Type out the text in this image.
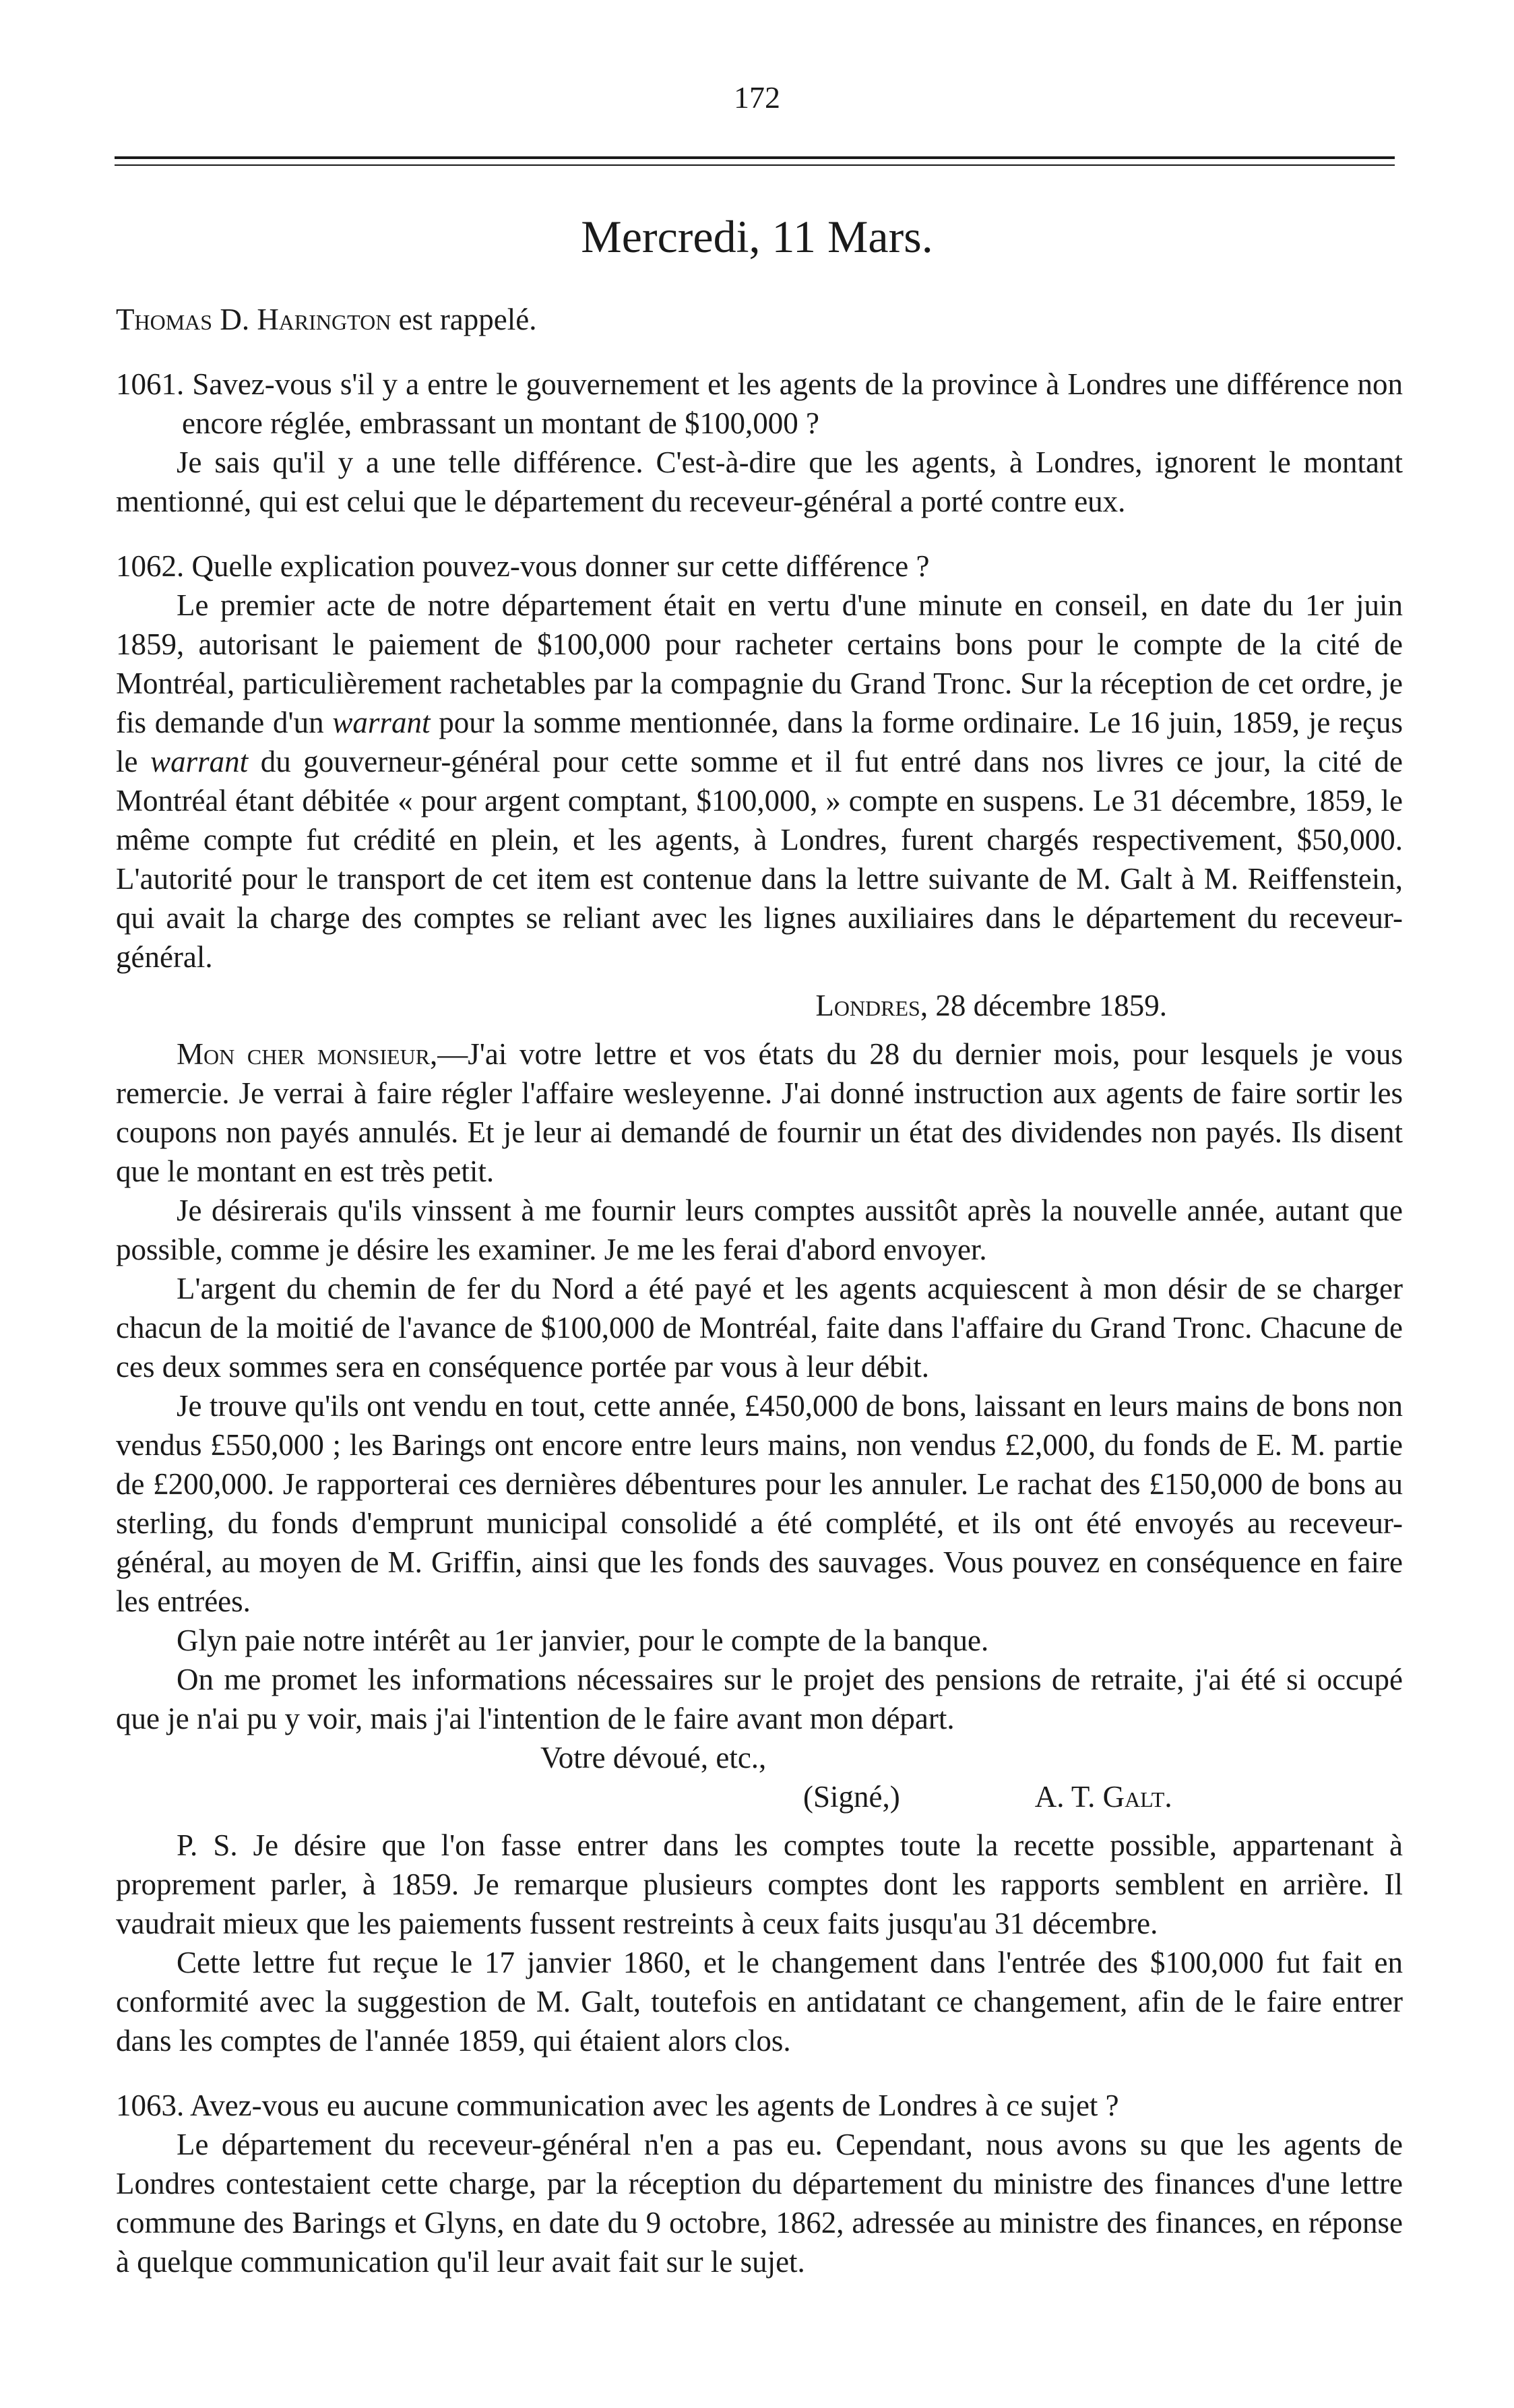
172
Mercredi, 11 Mars.

Thomas D. Harington est rappelé.

1061. Savez-vous s'il y a entre le gouvernement et les agents de la province à Londres une différence non encore réglée, embrassant un montant de $100,000 ?

Je sais qu'il y a une telle différence. C'est-à-dire que les agents, à Londres, ignorent le montant mentionné, qui est celui que le département du receveur-général a porté contre eux.

1062. Quelle explication pouvez-vous donner sur cette différence ?

Le premier acte de notre département était en vertu d'une minute en conseil, en date du 1er juin 1859, autorisant le paiement de $100,000 pour racheter certains bons pour le compte de la cité de Montréal, particulièrement rachetables par la compagnie du Grand Tronc. Sur la réception de cet ordre, je fis demande d'un warrant pour la somme mentionnée, dans la forme ordinaire. Le 16 juin, 1859, je reçus le warrant du gouverneur-général pour cette somme et il fut entré dans nos livres ce jour, la cité de Montréal étant débitée « pour argent comptant, $100,000, » compte en suspens. Le 31 décembre, 1859, le même compte fut crédité en plein, et les agents, à Londres, furent chargés respectivement, $50,000. L'autorité pour le transport de cet item est contenue dans la lettre suivante de M. Galt à M. Reiffenstein, qui avait la charge des comptes se reliant avec les lignes auxiliaires dans le département du receveur-général.

Londres, 28 décembre 1859.

Mon cher monsieur,—J'ai votre lettre et vos états du 28 du dernier mois, pour lesquels je vous remercie. Je verrai à faire régler l'affaire wesleyenne. J'ai donné instruction aux agents de faire sortir les coupons non payés annulés. Et je leur ai demandé de fournir un état des dividendes non payés. Ils disent que le montant en est très petit.

Je désirerais qu'ils vinssent à me fournir leurs comptes aussitôt après la nouvelle année, autant que possible, comme je désire les examiner. Je me les ferai d'abord envoyer.

L'argent du chemin de fer du Nord a été payé et les agents acquiescent à mon désir de se charger chacun de la moitié de l'avance de $100,000 de Montréal, faite dans l'affaire du Grand Tronc. Chacune de ces deux sommes sera en conséquence portée par vous à leur débit.

Je trouve qu'ils ont vendu en tout, cette année, £450,000 de bons, laissant en leurs mains de bons non vendus £550,000 ; les Barings ont encore entre leurs mains, non vendus £2,000, du fonds de E. M. partie de £200,000. Je rapporterai ces dernières débentures pour les annuler. Le rachat des £150,000 de bons au sterling, du fonds d'emprunt municipal consolidé a été complété, et ils ont été envoyés au receveur-général, au moyen de M. Griffin, ainsi que les fonds des sauvages. Vous pouvez en conséquence en faire les entrées.

Glyn paie notre intérêt au 1er janvier, pour le compte de la banque.

On me promet les informations nécessaires sur le projet des pensions de retraite, j'ai été si occupé que je n'ai pu y voir, mais j'ai l'intention de le faire avant mon départ.

Votre dévoué, etc.,

(Signé,)	A. T. Galt.

P. S. Je désire que l'on fasse entrer dans les comptes toute la recette possible, appartenant à proprement parler, à 1859. Je remarque plusieurs comptes dont les rapports semblent en arrière. Il vaudrait mieux que les paiements fussent restreints à ceux faits jusqu'au 31 décembre.

Cette lettre fut reçue le 17 janvier 1860, et le changement dans l'entrée des $100,000 fut fait en conformité avec la suggestion de M. Galt, toutefois en antidatant ce changement, afin de le faire entrer dans les comptes de l'année 1859, qui étaient alors clos.

1063. Avez-vous eu aucune communication avec les agents de Londres à ce sujet ?

Le département du receveur-général n'en a pas eu. Cependant, nous avons su que les agents de Londres contestaient cette charge, par la réception du département du ministre des finances d'une lettre commune des Barings et Glyns, en date du 9 octobre, 1862, adressée au ministre des finances, en réponse à quelque communication qu'il leur avait fait sur le sujet.
